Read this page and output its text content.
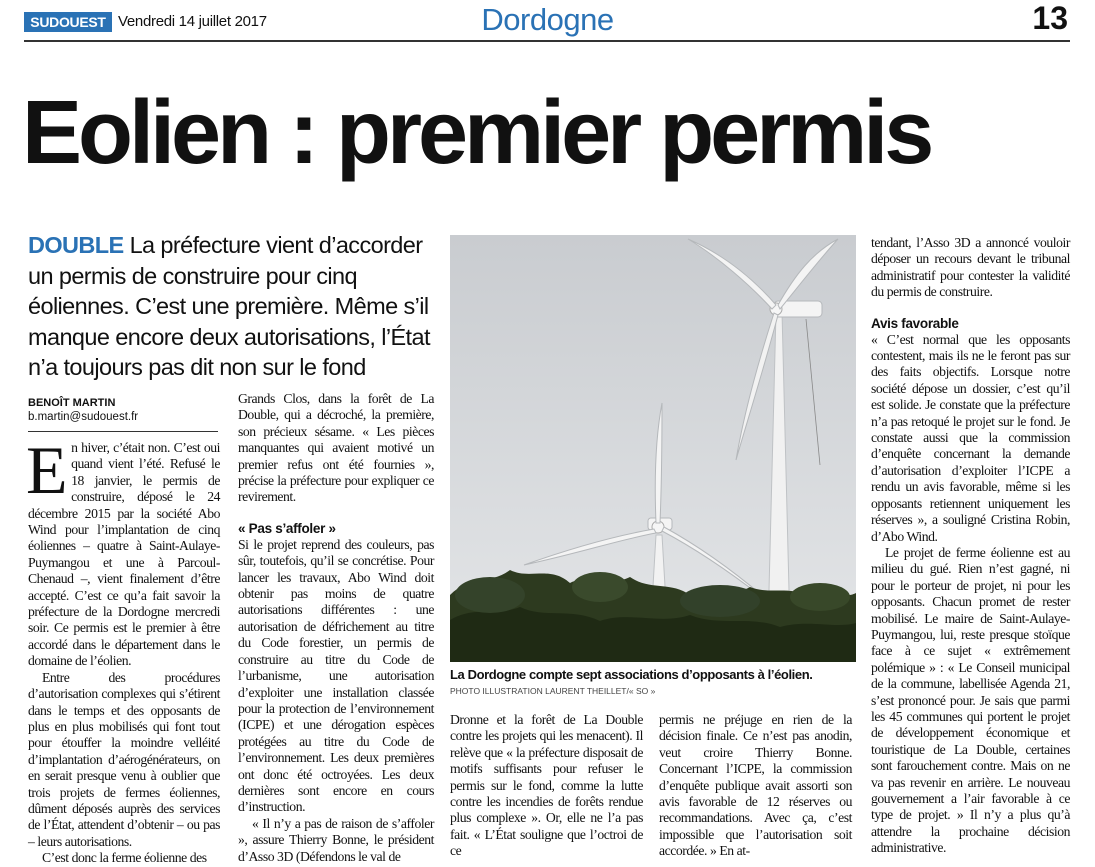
SUDOUEST Vendredi 14 juillet 2017	Dordogne	13
Eolien : premier permis
DOUBLE La préfecture vient d’accorder un permis de construire pour cinq éoliennes. C’est une première. Même s’il manque encore deux autorisations, l’État n’a toujours pas dit non sur le fond
BENOÎT MARTIN
b.martin@sudouest.fr

En hiver, c’était non. C’est oui quand vient l’été. Refusé le 18 janvier, le permis de construire, déposé le 24 décembre 2015 par la société Abo Wind pour l’implantation de cinq éoliennes – quatre à Saint-Aulaye-Puymangou et une à Parcoul-Chenaud –, vient finalement d’être accepté. C’est ce qu’a fait savoir la préfecture de la Dordogne mercredi soir. Ce permis est le premier à être accordé dans le département dans le domaine de l’éolien.

Entre des procédures d’autorisation complexes qui s’étirent dans le temps et des opposants de plus en plus mobilisés qui font tout pour étouffer la moindre velléité d’implantation d’aérogénérateurs, on en serait presque venu à oublier que trois projets de fermes éoliennes, dûment déposés auprès des services de l’État, attendent d’obtenir – ou pas – leurs autorisations.

C’est donc la ferme éolienne des

Grands Clos, dans la forêt de La Double, qui a décroché, la première, son précieux sésame. « Les pièces manquantes qui avaient motivé un premier refus ont été fournies », précise la préfecture pour expliquer ce revirement.

« Pas s’affoler »

Si le projet reprend des couleurs, pas sûr, toutefois, qu’il se concrétise. Pour lancer les travaux, Abo Wind doit obtenir pas moins de quatre autorisations différentes : une autorisation de défrichement au titre du Code forestier, un permis de construire au titre du Code de l’urbanisme, une autorisation d’exploiter une installation classée pour la protection de l’environnement (ICPE) et une dérogation espèces protégées au titre du Code de l’environnement. Les deux premières ont donc été octroyées. Les deux dernières sont encore en cours d’instruction.

« Il n’y a pas de raison de s’affoler », assure Thierry Bonne, le président d’Asso 3D (Défendons le val de

La Dordogne compte sept associations d’opposants à l’éolien.
PHOTO ILLUSTRATION LAURENT THEILLET/« SO »

Dronne et la forêt de La Double contre les projets qui les menacent). Il relève que « la préfecture disposait de motifs suffisants pour refuser le permis sur le fond, comme la lutte contre les incendies de forêts rendue plus complexe ». Or, elle ne l’a pas fait. « L’État souligne que l’octroi de ce

permis ne préjuge en rien de la décision finale. Ce n’est pas anodin, veut croire Thierry Bonne. Concernant l’ICPE, la commission d’enquête publique avait assorti son avis favorable de 12 réserves ou recommandations. Avec ça, c’est impossible que l’autorisation soit accordée. » En at-

tendant, l’Asso 3D a annoncé vouloir déposer un recours devant le tribunal administratif pour contester la validité du permis de construire.

Avis favorable

« C’est normal que les opposants contestent, mais ils ne le feront pas sur des faits objectifs. Lorsque notre société dépose un dossier, c’est qu’il est solide. Je constate que la préfecture n’a pas retoqué le projet sur le fond. Je constate aussi que la commission d’enquête concernant la demande d’autorisation d’exploiter l’ICPE a rendu un avis favorable, même si les opposants retiennent uniquement les réserves », a souligné Cristina Robin, d’Abo Wind.

Le projet de ferme éolienne est au milieu du gué. Rien n’est gagné, ni pour le porteur de projet, ni pour les opposants. Chacun promet de rester mobilisé. Le maire de Saint-Aulaye-Puymangou, lui, reste presque stoïque face à ce sujet « extrêmement polémique » : « Le Conseil municipal de la commune, labellisée Agenda 21, s’est prononcé pour. Je sais que parmi les 45 communes qui portent le projet de développement économique et touristique de La Double, certaines sont farouchement contre. Mais on ne va pas revenir en arrière. Le nouveau gouvernement a l’air favorable à ce type de projet. » Il n’y a plus qu’à attendre la prochaine décision administrative.
